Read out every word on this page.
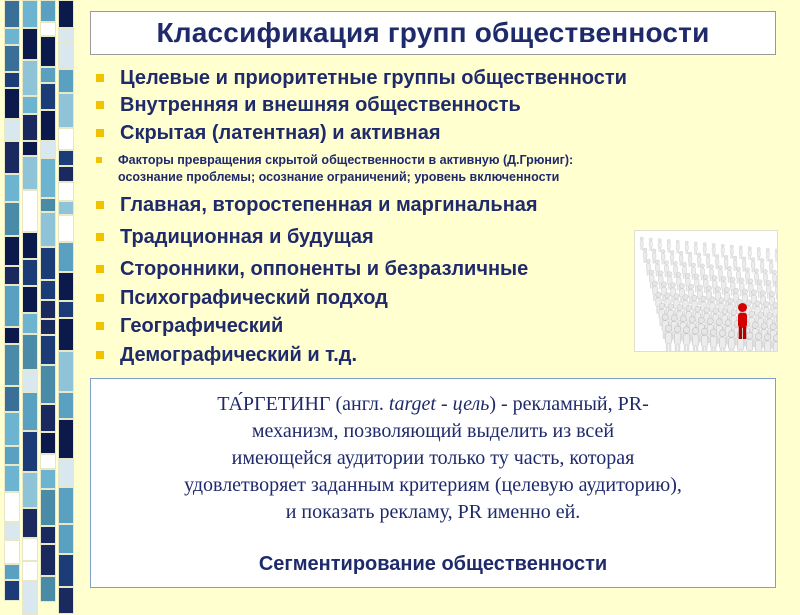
Классификация групп общественности
Целевые и приоритетные группы общественности
Внутренняя и внешняя общественность
Скрытая (латентная) и активная
Факторы превращения скрытой общественности в активную (Д.Грюниг):
осознание проблемы; осознание ограничений; уровень включенности
Главная, второстепенная и маргинальная
Традиционная и будущая
Сторонники, оппоненты и безразличные
Психографический подход
Географический
Демографический и т.д.
ТА́РГЕТИНГ (англ. target - цель) - рекламный, PR-
механизм, позволяющий выделить из всей
имеющейся аудитории только ту часть, которая
удовлетворяет заданным критериям (целевую аудиторию),
и показать рекламу, PR именно ей.
Сегментирование общественности
